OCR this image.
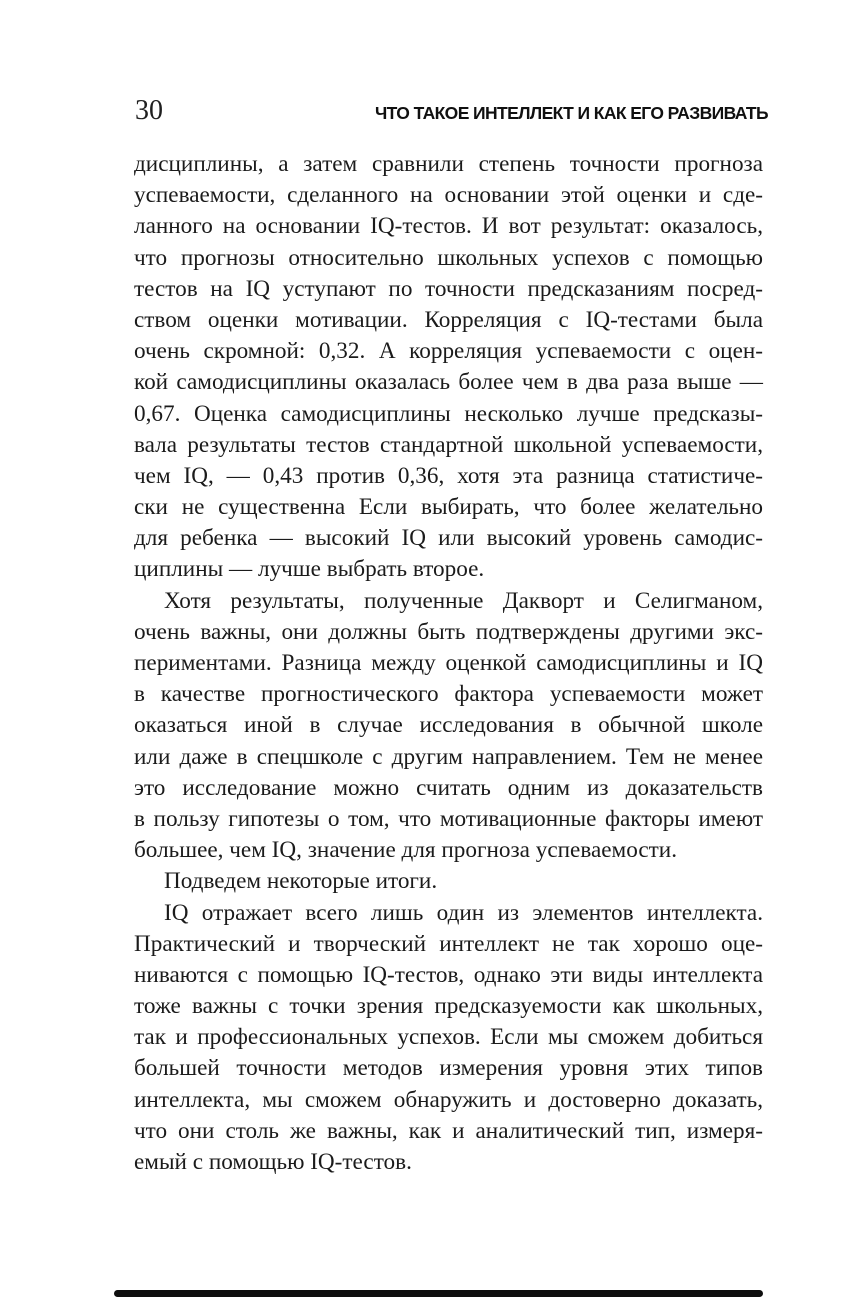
30	ЧТО ТАКОЕ ИНТЕЛЛЕКТ И КАК ЕГО РАЗВИВАТЬ
дисциплины, а затем сравнили степень точности прогноза
успеваемости, сделанного на основании этой оценки и сде-
ланного на основании IQ-тестов. И вот результат: оказалось,
что прогнозы относительно школьных успехов с помощью
тестов на IQ уступают по точности предсказаниям посред-
ством оценки мотивации. Корреляция с IQ-тестами была
очень скромной: 0,32. А корреляция успеваемости с оцен-
кой самодисциплины оказалась более чем в два раза выше —
0,67. Оценка самодисциплины несколько лучше предсказы-
вала результаты тестов стандартной школьной успеваемости,
чем IQ, — 0,43 против 0,36, хотя эта разница статистиче-
ски не существенна Если выбирать, что более желательно
для ребенка — высокий IQ или высокий уровень самодис-
циплины — лучше выбрать второе.
Хотя результаты, полученные Дакворт и Селигманом,
очень важны, они должны быть подтверждены другими экс-
периментами. Разница между оценкой самодисциплины и IQ
в качестве прогностического фактора успеваемости может
оказаться иной в случае исследования в обычной школе
или даже в спецшколе с другим направлением. Тем не менее
это исследование можно считать одним из доказательств
в пользу гипотезы о том, что мотивационные факторы имеют
большее, чем IQ, значение для прогноза успеваемости.
Подведем некоторые итоги.
IQ отражает всего лишь один из элементов интеллекта.
Практический и творческий интеллект не так хорошо оце-
ниваются с помощью IQ-тестов, однако эти виды интеллекта
тоже важны с точки зрения предсказуемости как школьных,
так и профессиональных успехов. Если мы сможем добиться
большей точности методов измерения уровня этих типов
интеллекта, мы сможем обнаружить и достоверно доказать,
что они столь же важны, как и аналитический тип, измеря-
емый с помощью IQ-тестов.
